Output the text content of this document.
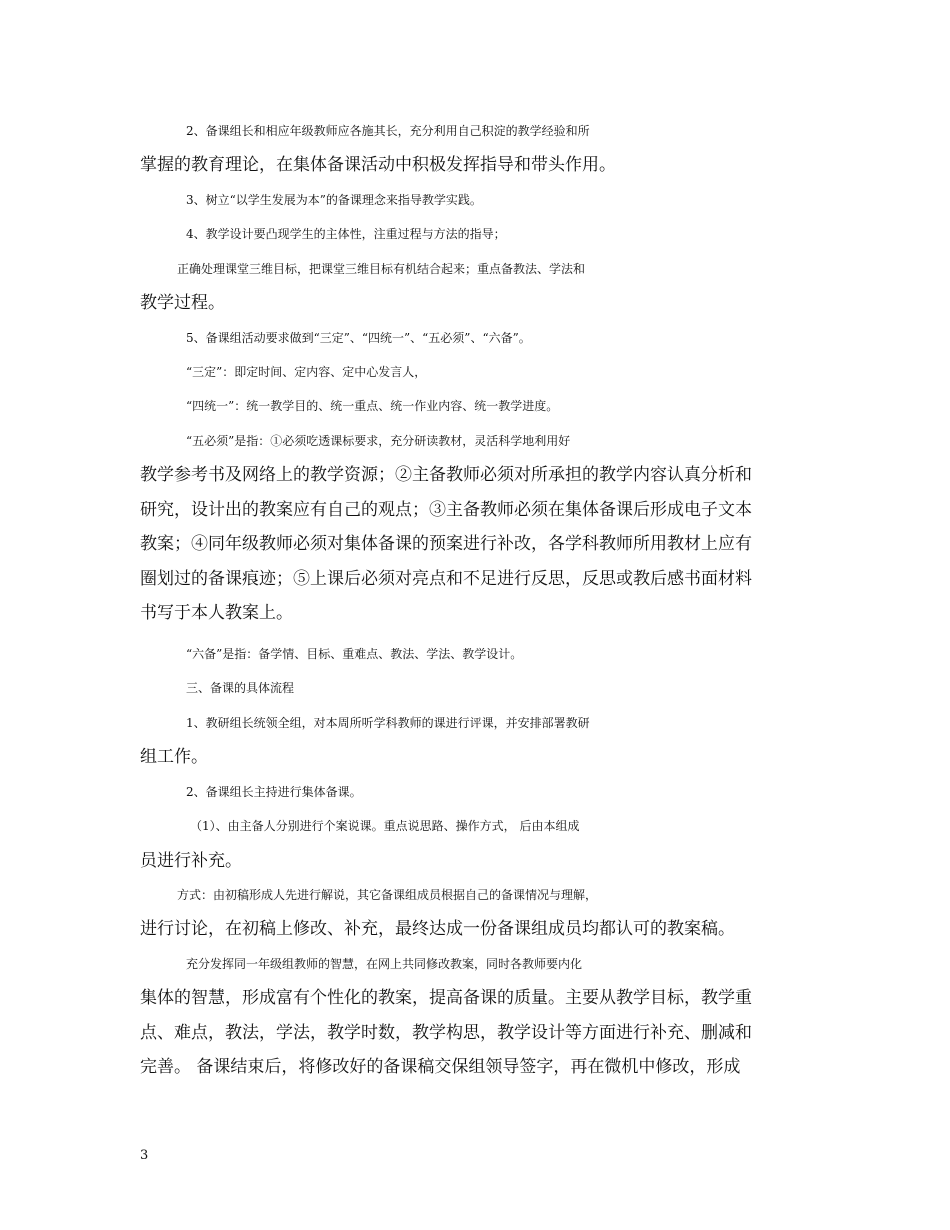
2、备课组长和相应年级教师应各施其长，充分利用自己积淀的教学经验和所
掌握的教育理论，在集体备课活动中积极发挥指导和带头作用。
3、树立“以学生发展为本”的备课理念来指导教学实践。
4、教学设计要凸现学生的主体性，注重过程与方法的指导；
正确处理课堂三维目标，把课堂三维目标有机结合起来；重点备教法、学法和
教学过程。
5、备课组活动要求做到“三定”、“四统一”、“五必须”、“六备”。
“三定”：即定时间、定内容、定中心发言人，
“四统一”：统一教学目的、统一重点、统一作业内容、统一教学进度。
“五必须”是指：①必须吃透课标要求，充分研读教材，灵活科学地利用好
教学参考书及网络上的教学资源；②主备教师必须对所承担的教学内容认真分析和
研究，设计出的教案应有自己的观点；③主备教师必须在集体备课后形成电子文本
教案；④同年级教师必须对集体备课的预案进行补改，各学科教师所用教材上应有
圈划过的备课痕迹；⑤上课后必须对亮点和不足进行反思，反思或教后感书面材料
书写于本人教案上。
“六备”是指：备学情、目标、重难点、教法、学法、教学设计。
三、备课的具体流程
1、教研组长统领全组，对本周所听学科教师的课进行评课，并安排部署教研
组工作。
2、备课组长主持进行集体备课。
（1）、由主备人分别进行个案说课。重点说思路、操作方式， 后由本组成
员进行补充。
方式：由初稿形成人先进行解说，其它备课组成员根据自己的备课情况与理解，
进行讨论，在初稿上修改、补充，最终达成一份备课组成员均都认可的教案稿。
充分发挥同一年级组教师的智慧，在网上共同修改教案，同时各教师要内化
集体的智慧，形成富有个性化的教案，提高备课的质量。主要从教学目标，教学重
点、难点，教法，学法，教学时数，教学构思，教学设计等方面进行补充、删减和
完善。 备课结束后，将修改好的备课稿交保组领导签字，再在微机中修改，形成
3
